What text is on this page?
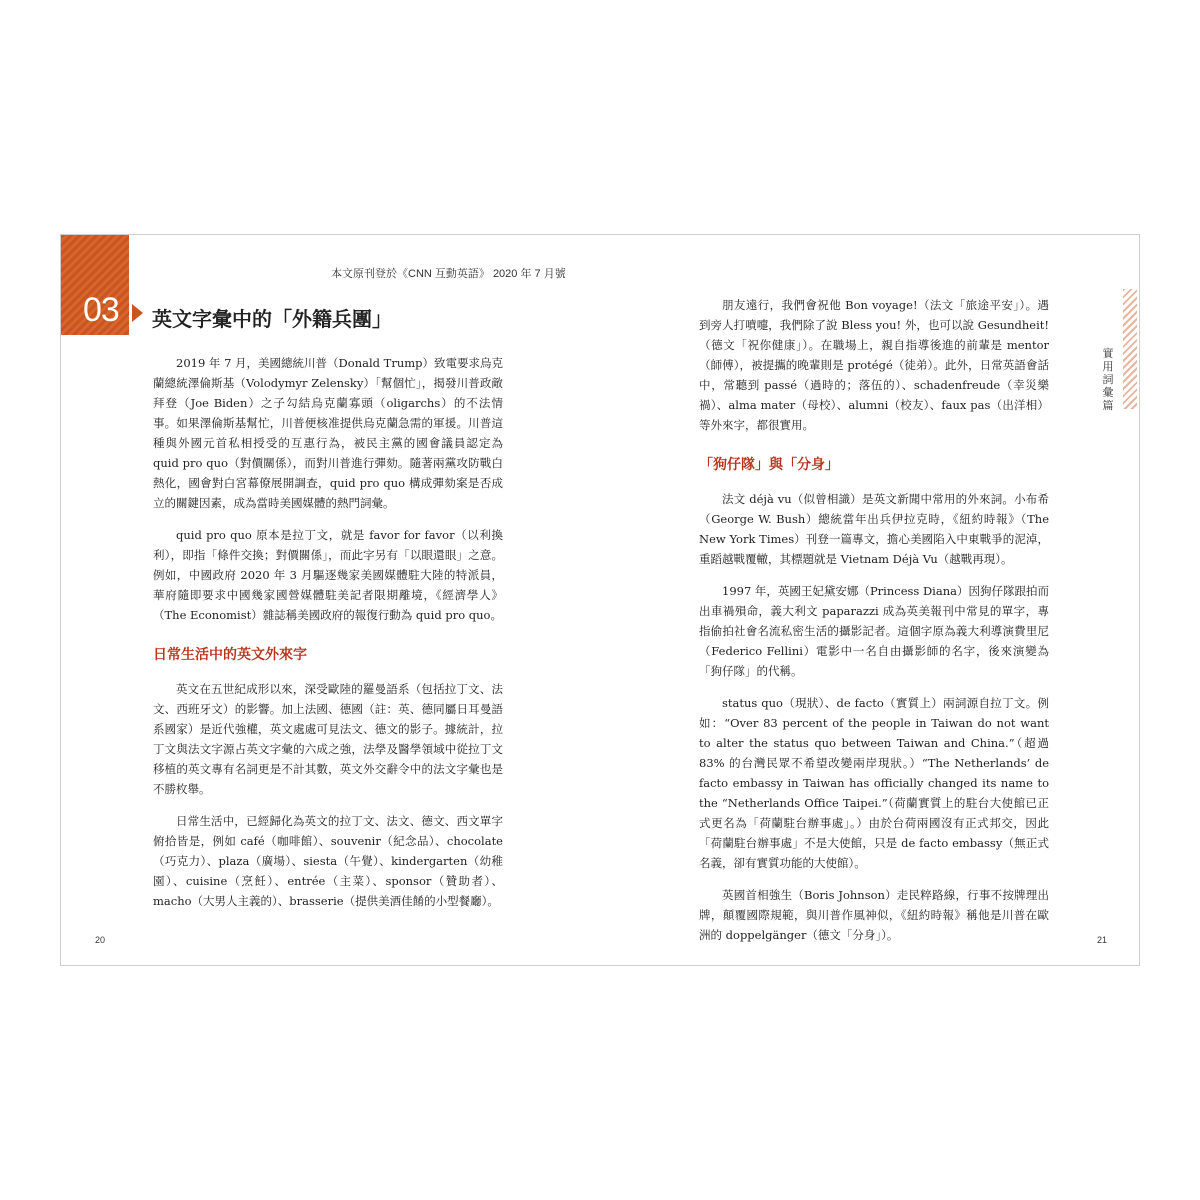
03
本文原刊登於《CNN 互動英語》 2020 年 7 月號
英文字彙中的「外籍兵團」

2019 年 7 月，美國總統川普（Donald Trump）致電要求烏克蘭總統澤倫斯基（Volodymyr Zelensky）「幫個忙」，揭發川普政敵拜登（Joe Biden）之子勾結烏克蘭寡頭（oligarchs）的不法情事。如果澤倫斯基幫忙，川普便核准提供烏克蘭急需的軍援。川普這種與外國元首私相授受的互惠行為，被民主黨的國會議員認定為 quid pro quo（對價關係），而對川普進行彈劾。隨著兩黨攻防戰白熱化，國會對白宮幕僚展開調查，quid pro quo 構成彈劾案是否成立的關鍵因素，成為當時美國媒體的熱門詞彙。

quid pro quo 原本是拉丁文，就是 favor for favor（以利換利），即指「條件交換；對價關係」，而此字另有「以眼還眼」之意。例如，中國政府 2020 年 3 月驅逐幾家美國媒體駐大陸的特派員，華府隨即要求中國幾家國營媒體駐美記者限期離境，《經濟學人》（The Economist）雜誌稱美國政府的報復行動為 quid pro quo。

日常生活中的英文外來字

英文在五世紀成形以來，深受歐陸的羅曼語系（包括拉丁文、法文、西班牙文）的影響。加上法國、德國（註：英、德同屬日耳曼語系國家）是近代強權，英文處處可見法文、德文的影子。據統計，拉丁文與法文字源占英文字彙的六成之強，法學及醫學領域中從拉丁文移植的英文專有名詞更是不計其數，英文外交辭令中的法文字彙也是不勝枚舉。

日常生活中，已經歸化為英文的拉丁文、法文、德文、西文單字俯拾皆是，例如 café（咖啡館）、souvenir（紀念品）、chocolate（巧克力）、plaza（廣場）、siesta（午覺）、kindergarten（幼稚園）、cuisine（烹飪）、entrée（主菜）、sponsor（贊助者）、macho（大男人主義的）、brasserie（提供美酒佳餚的小型餐廳）。

20

朋友遠行，我們會祝他 Bon voyage!（法文「旅途平安」）。遇到旁人打噴嚏，我們除了說 Bless you! 外，也可以說 Gesundheit!（德文「祝你健康」）。在職場上，親自指導後進的前輩是 mentor（師傅），被提攜的晚輩則是 protégé（徒弟）。此外，日常英語會話中，常聽到 passé（過時的；落伍的）、schadenfreude（幸災樂禍）、alma mater（母校）、alumni（校友）、faux pas（出洋相）等外來字，都很實用。

「狗仔隊」與「分身」

法文 déjà vu（似曾相識）是英文新聞中常用的外來詞。小布希（George W. Bush）總統當年出兵伊拉克時，《紐約時報》（The New York Times）刊登一篇專文，擔心美國陷入中東戰爭的泥淖，重蹈越戰覆轍，其標題就是 Vietnam Déjà Vu（越戰再現）。

1997 年，英國王妃黛安娜（Princess Diana）因狗仔隊跟拍而出車禍殞命，義大利文 paparazzi 成為英美報刊中常見的單字，專指偷拍社會名流私密生活的攝影記者。這個字原為義大利導演費里尼（Federico Fellini）電影中一名自由攝影師的名字，後來演變為「狗仔隊」的代稱。

status quo（現狀）、de facto（實質上）兩詞源自拉丁文。例如：“Over 83 percent of the people in Taiwan do not want to alter the status quo between Taiwan and China.”（超過 83% 的台灣民眾不希望改變兩岸現狀。）“The Netherlands’ de facto embassy in Taiwan has officially changed its name to the “Netherlands Office Taipei.”（荷蘭實質上的駐台大使館已正式更名為「荷蘭駐台辦事處」。）由於台荷兩國沒有正式邦交，因此「荷蘭駐台辦事處」不是大使館，只是 de facto embassy（無正式名義，卻有實質功能的大使館）。

英國首相強生（Boris Johnson）走民粹路線，行事不按牌理出牌，顛覆國際規範，與川普作風神似，《紐約時報》稱他是川普在歐洲的 doppelgänger（德文「分身」）。

實用詞彙篇
21
